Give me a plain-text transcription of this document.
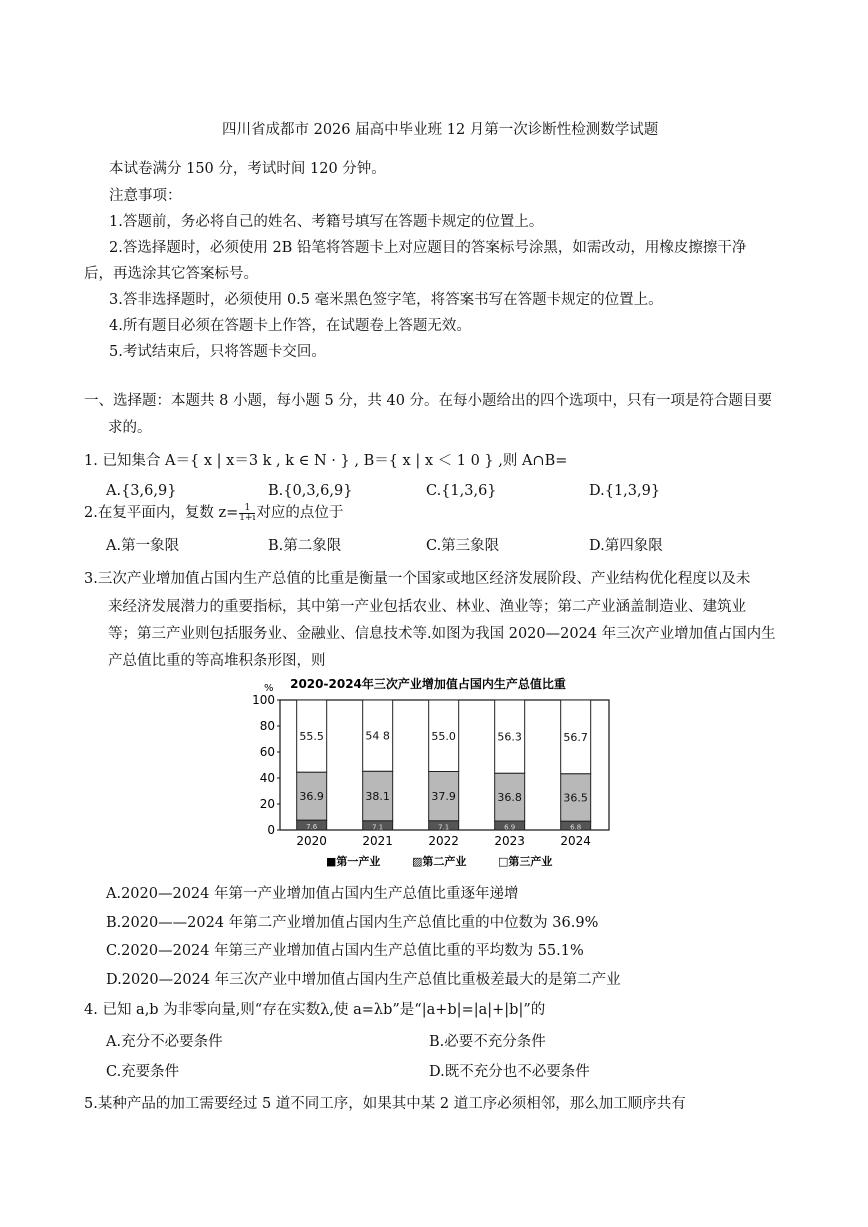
四川省成都市 2026 届高中毕业班 12 月第一次诊断性检测数学试题
本试卷满分 150 分，考试时间 120 分钟。
注意事项：
1.答题前，务必将自己的姓名、考籍号填写在答题卡规定的位置上。
2.答选择题时，必须使用 2B 铅笔将答题卡上对应题目的答案标号涂黑，如需改动，用橡皮擦擦干净
后，再选涂其它答案标号。
3.答非选择题时，必须使用 0.5 毫米黑色签字笔，将答案书写在答题卡规定的位置上。
4.所有题目必须在答题卡上作答，在试题卷上答题无效。
5.考试结束后，只将答题卡交回。
一、选择题：本题共 8 小题，每小题 5 分，共 40 分。在每小题给出的四个选项中，只有一项是符合题目要
求的。
1. 已知集合 A＝{ x | x＝3 k , k ∈ N · } , B＝{ x | x ＜ 1 0 } ,则 A∩B=
A.{3,6,9}	B.{0,3,6,9}	C.{1,3,6}	D.{1,3,9}
2.在复平面内，复数 $z= \frac{1}{1+i}$ 对应的点位于
A.第一象限	B.第二象限	C.第三象限	D.第四象限
3.三次产业增加值占国内生产总值的比重是衡量一个国家或地区经济发展阶段、产业结构优化程度以及未
来经济发展潜力的重要指标，其中第一产业包括农业、林业、渔业等；第二产业涵盖制造业、建筑业
等；第三产业则包括服务业、金融业、信息技术等.如图为我国 2020—2024 年三次产业增加值占国内生
产总值比重的等高堆积条形图，则
2020-2024年三次产业增加值占国内生产总值比重
%
0
20
40
60
80
100
7.6
36.9
55.5
2020
7.1
38.1
54 8
2021
7.1
37.9
55.0
2022
6.9
36.8
56.3
2023
6.8
36.5
56.7
2024
■第一产业	▨第二产业	□第三产业
A.2020—2024 年第一产业增加值占国内生产总值比重逐年递增
B.2020——2024 年第二产业增加值占国内生产总值比重的中位数为 36.9%
C.2020—2024 年第三产业增加值占国内生产总值比重的平均数为 55.1%
D.2020—2024 年三次产业中增加值占国内生产总值比重极差最大的是第二产业
4. 已知 a,b 为非零向量,则“存在实数λ,使 a=λb”是“|a+b|=|a|+|b|”的
A.充分不必要条件	B.必要不充分条件
C.充要条件	D.既不充分也不必要条件
5.某种产品的加工需要经过 5 道不同工序，如果其中某 2 道工序必须相邻，那么加工顺序共有
